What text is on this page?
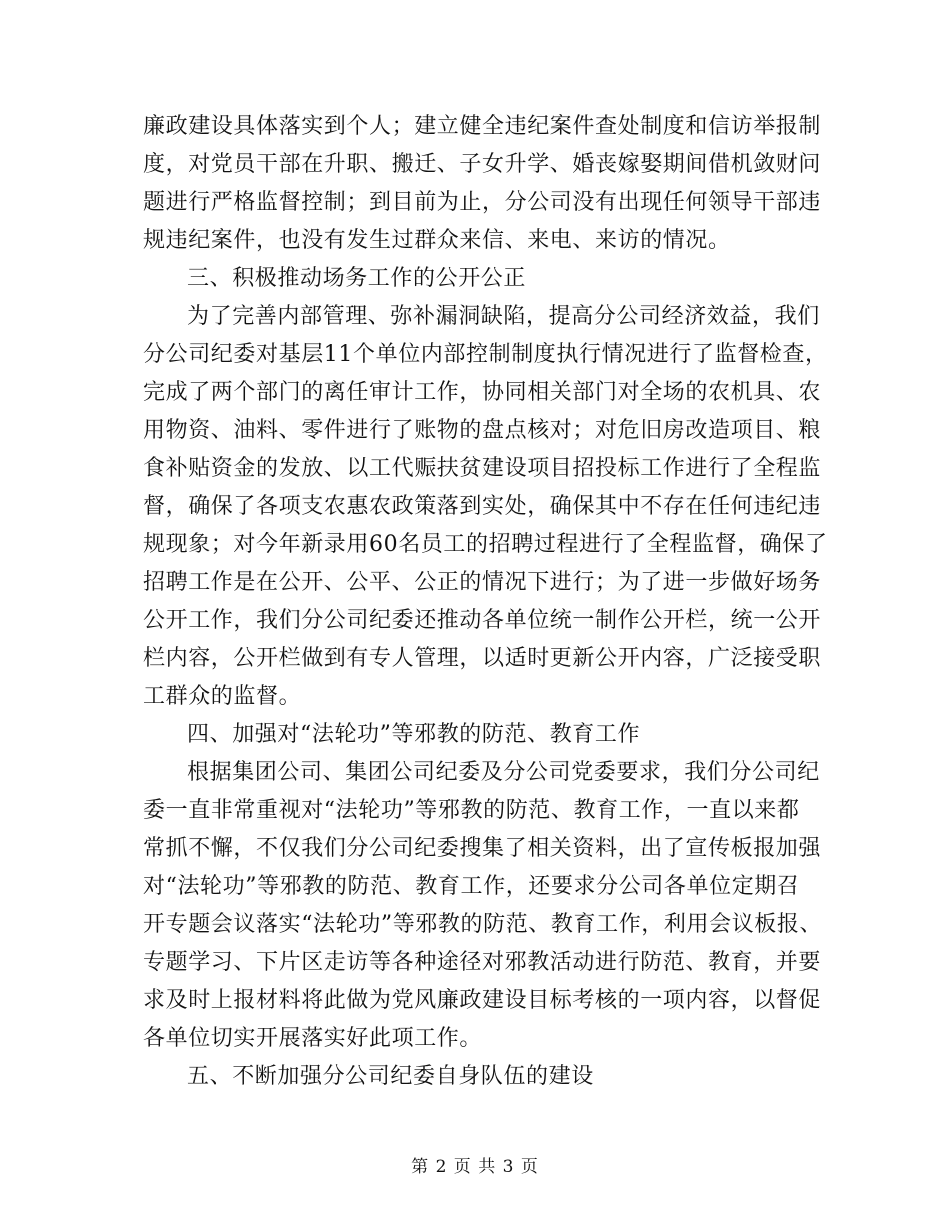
廉政建设具体落实到个人；建立健全违纪案件查处制度和信访举报制
度，对党员干部在升职、搬迁、子女升学、婚丧嫁娶期间借机敛财问
题进行严格监督控制；到目前为止，分公司没有出现任何领导干部违
规违纪案件，也没有发生过群众来信、来电、来访的情况。
三、积极推动场务工作的公开公正
为了完善内部管理、弥补漏洞缺陷，提高分公司经济效益，我们
分公司纪委对基层11个单位内部控制制度执行情况进行了监督检查，
完成了两个部门的离任审计工作，协同相关部门对全场的农机具、农
用物资、油料、零件进行了账物的盘点核对；对危旧房改造项目、粮
食补贴资金的发放、以工代赈扶贫建设项目招投标工作进行了全程监
督，确保了各项支农惠农政策落到实处，确保其中不存在任何违纪违
规现象；对今年新录用60名员工的招聘过程进行了全程监督，确保了
招聘工作是在公开、公平、公正的情况下进行；为了进一步做好场务
公开工作，我们分公司纪委还推动各单位统一制作公开栏，统一公开
栏内容，公开栏做到有专人管理，以适时更新公开内容，广泛接受职
工群众的监督。
四、加强对“法轮功”等邪教的防范、教育工作
根据集团公司、集团公司纪委及分公司党委要求，我们分公司纪
委一直非常重视对“法轮功”等邪教的防范、教育工作，一直以来都
常抓不懈，不仅我们分公司纪委搜集了相关资料，出了宣传板报加强
对“法轮功”等邪教的防范、教育工作，还要求分公司各单位定期召
开专题会议落实“法轮功”等邪教的防范、教育工作，利用会议板报、
专题学习、下片区走访等各种途径对邪教活动进行防范、教育，并要
求及时上报材料将此做为党风廉政建设目标考核的一项内容，以督促
各单位切实开展落实好此项工作。
五、不断加强分公司纪委自身队伍的建设
第 2 页 共 3 页
